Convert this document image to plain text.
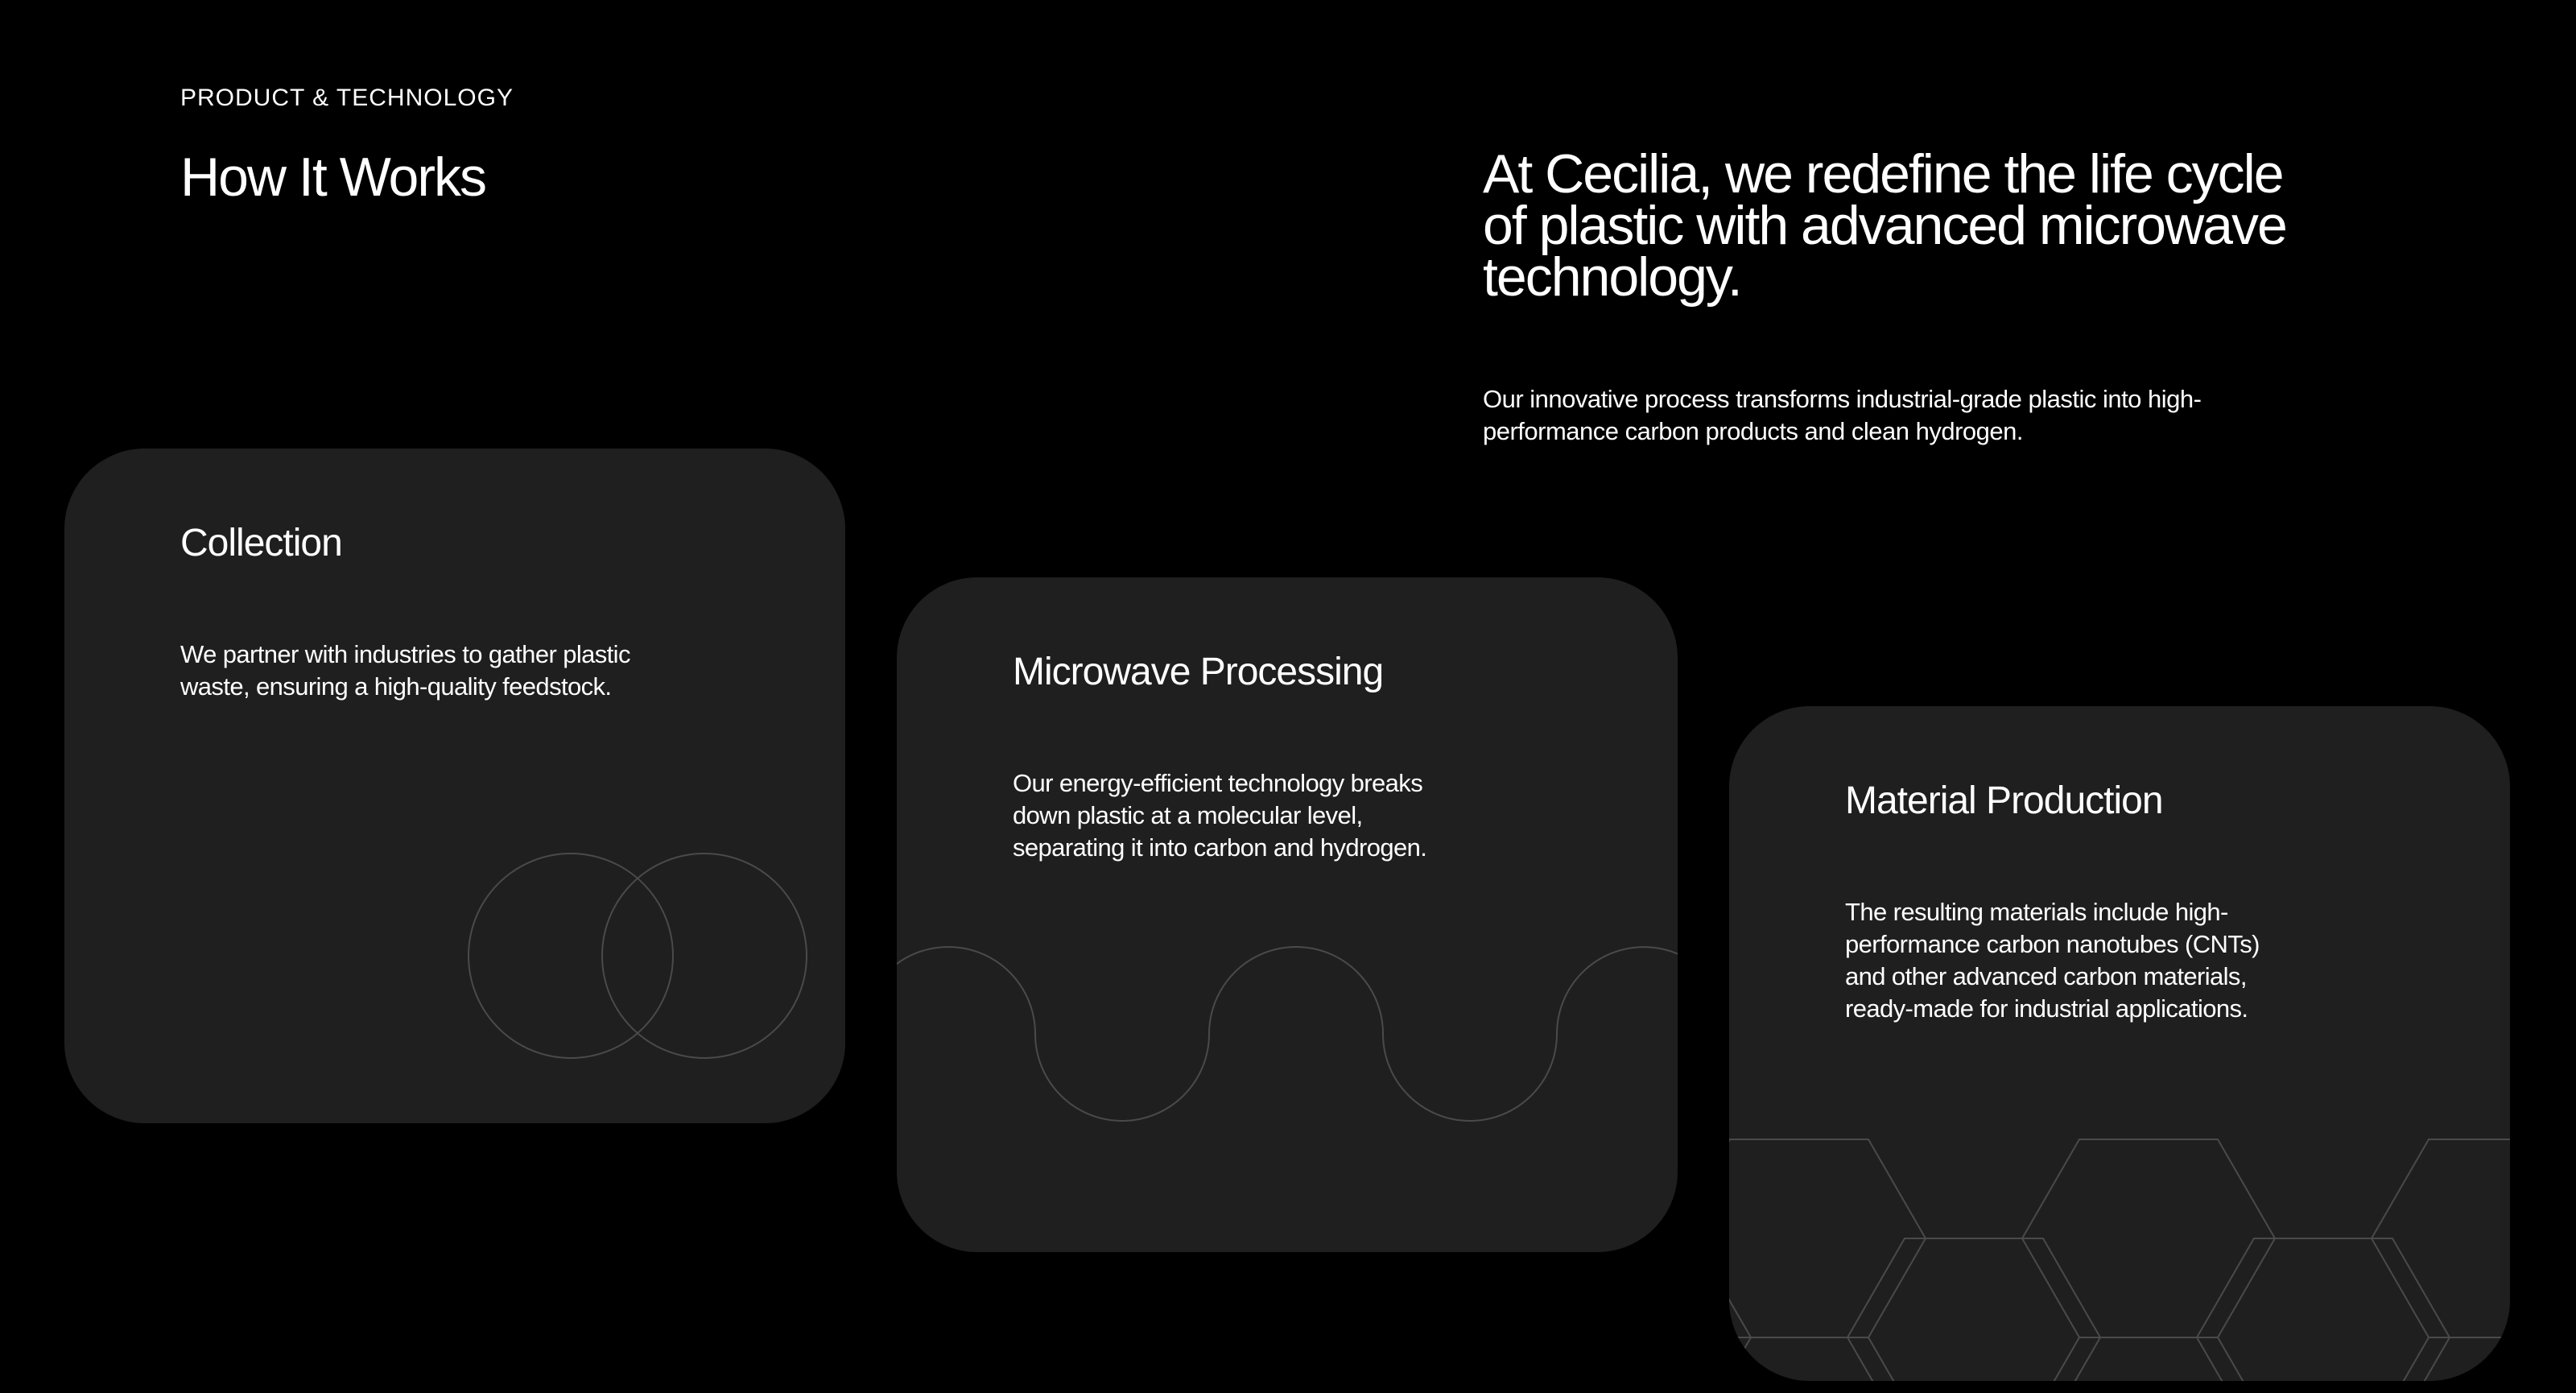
PRODUCT & TECHNOLOGY
How It Works	At Cecilia, we redefine the life cycle of plastic with advanced microwave technology.

Our innovative process transforms industrial-grade plastic into high-performance carbon products and clean hydrogen.

Collection

We partner with industries to gather plastic waste, ensuring a high-quality feedstock.	Microwave Processing

Our energy-efficient technology breaks down plastic at a molecular level, separating it into carbon and hydrogen.

Material Production

The resulting materials include high-performance carbon nanotubes (CNTs) and other advanced carbon materials, ready-made for industrial applications.
